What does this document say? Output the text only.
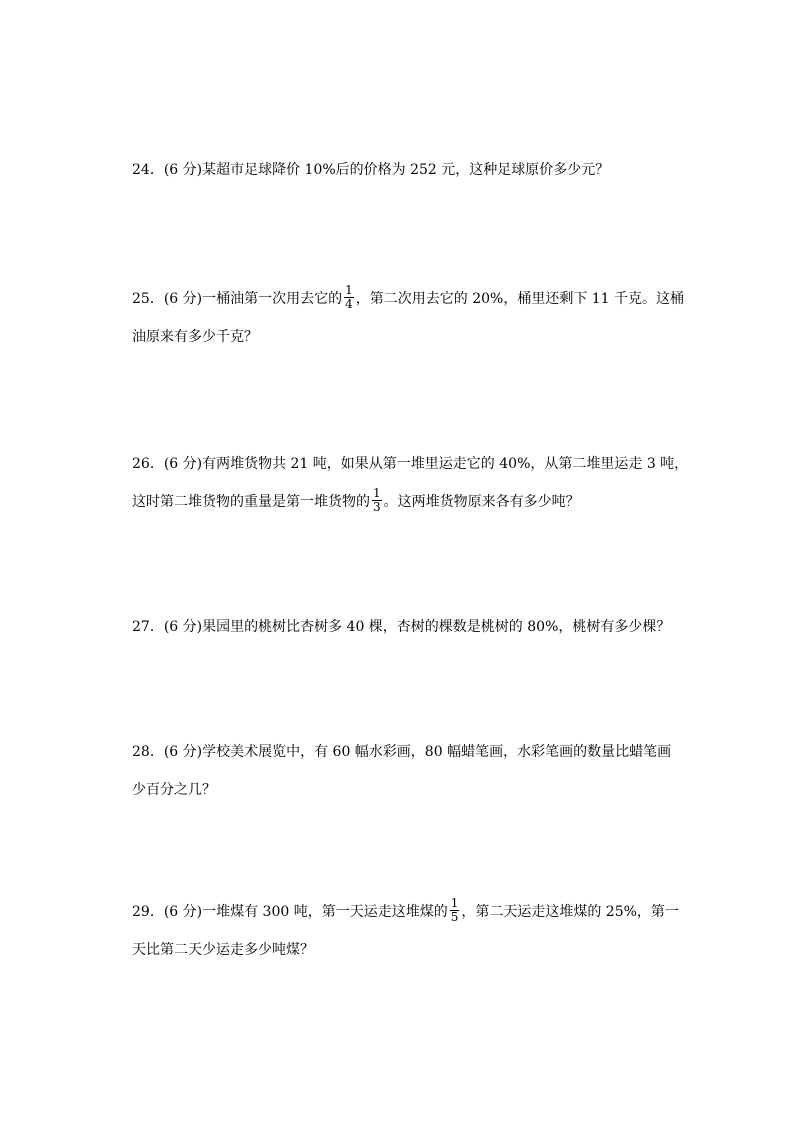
24．(6 分)某超市足球降价 10%后的价格为 252 元，这种足球原价多少元？
25．(6 分)一桶油第一次用去它的 $\frac{1}{4}$ ，第二次用去它的 20%，桶里还剩下 11 千克。这桶
油原来有多少千克？
26．(6 分)有两堆货物共 21 吨，如果从第一堆里运走它的 40%，从第二堆里运走 3 吨，
这时第二堆货物的重量是第一堆货物的 $\frac{1}{3}$ 。这两堆货物原来各有多少吨？
27．(6 分)果园里的桃树比杏树多 40 棵，杏树的棵数是桃树的 80%，桃树有多少棵？
28．(6 分)学校美术展览中，有 60 幅水彩画，80 幅蜡笔画，水彩笔画的数量比蜡笔画
少百分之几？
29．(6 分)一堆煤有 300 吨，第一天运走这堆煤的 $\frac{1}{5}$ ，第二天运走这堆煤的 25%，第一
天比第二天少运走多少吨煤？
